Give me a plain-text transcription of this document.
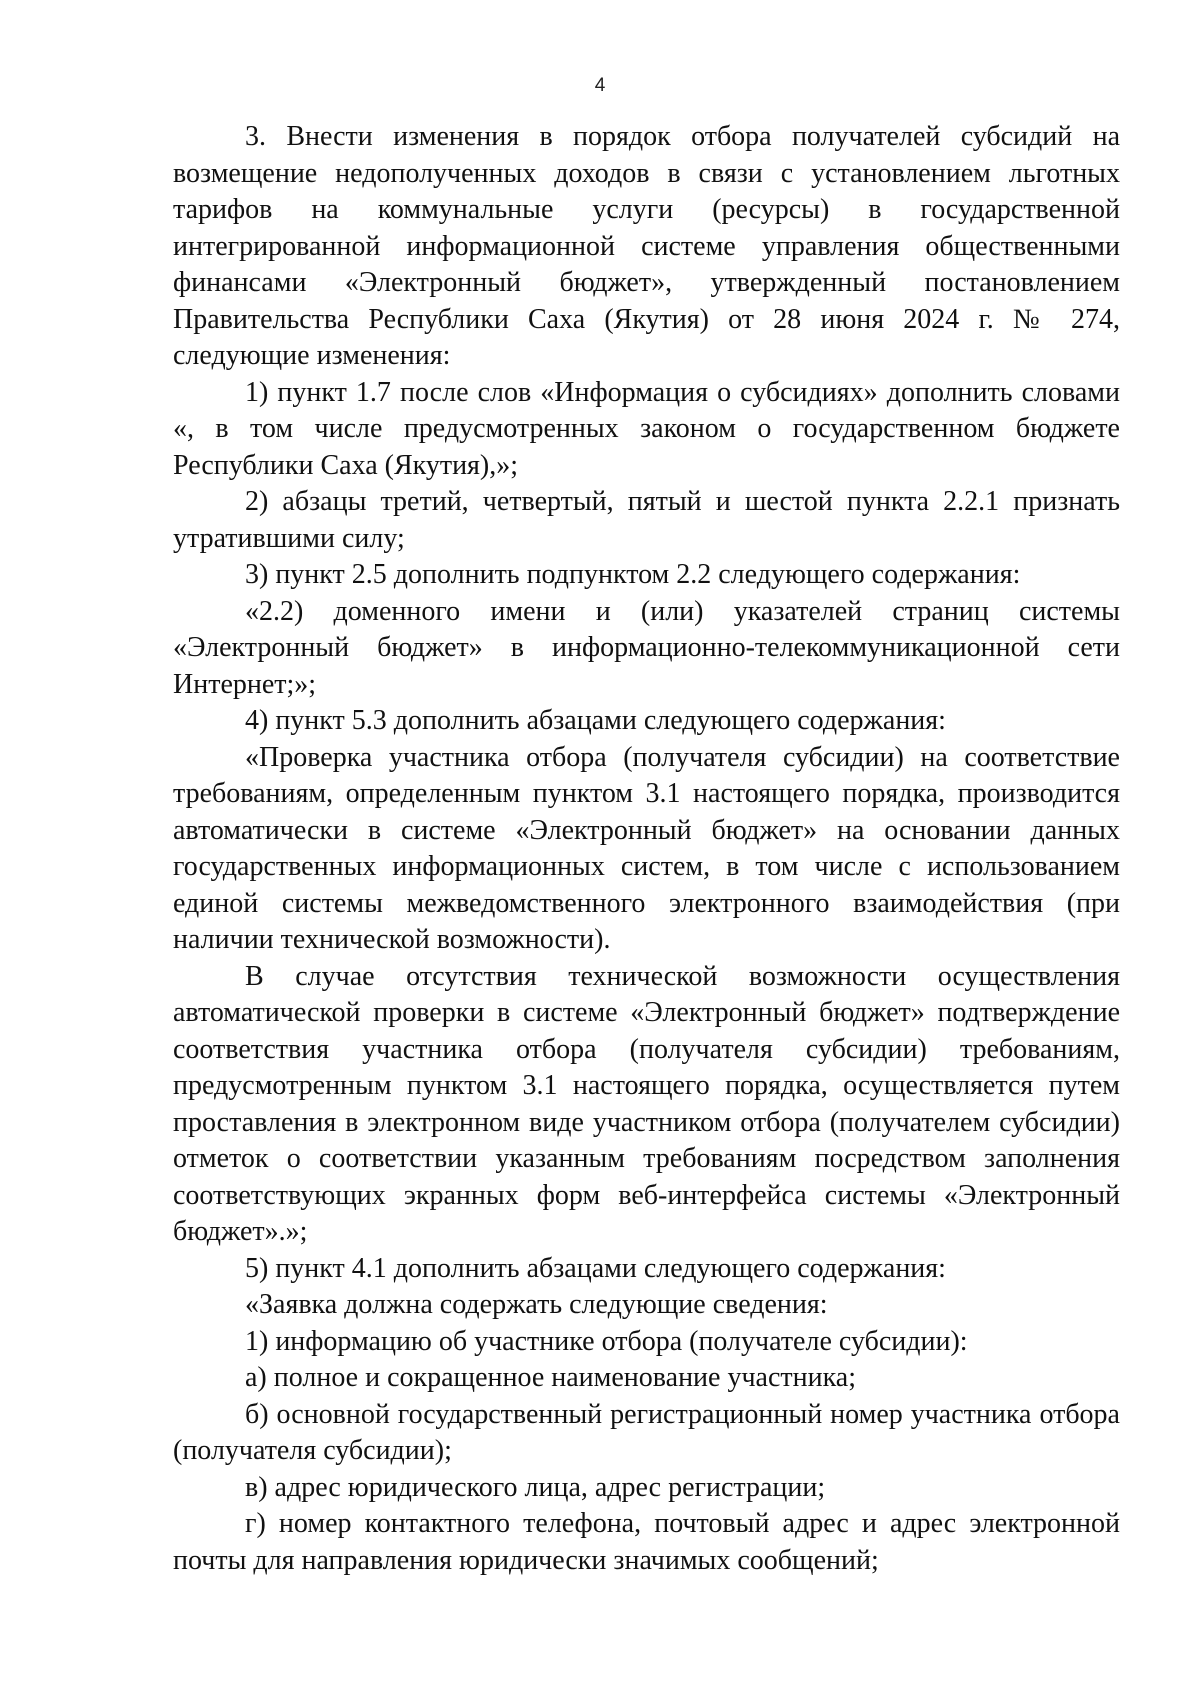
4

3. Внести изменения в порядок отбора получателей субсидий на возмещение недополученных доходов в связи с установлением льготных тарифов на коммунальные услуги (ресурсы) в государственной интегрированной информационной системе управления общественными финансами «Электронный бюджет», утвержденный постановлением Правительства Республики Саха (Якутия) от 28 июня 2024 г. № 274, следующие изменения:

1) пункт 1.7 после слов «Информация о субсидиях» дополнить словами «, в том числе предусмотренных законом о государственном бюджете Республики Саха (Якутия),»;

2) абзацы третий, четвертый, пятый и шестой пункта 2.2.1 признать утратившими силу;

3) пункт 2.5 дополнить подпунктом 2.2 следующего содержания:

«2.2) доменного имени и (или) указателей страниц системы «Электронный бюджет» в информационно-телекоммуникационной сети Интернет;»;

4) пункт 5.3 дополнить абзацами следующего содержания:

«Проверка участника отбора (получателя субсидии) на соответствие требованиям, определенным пунктом 3.1 настоящего порядка, производится автоматически в системе «Электронный бюджет» на основании данных государственных информационных систем, в том числе с использованием единой системы межведомственного электронного взаимодействия (при наличии технической возможности).

В случае отсутствия технической возможности осуществления автоматической проверки в системе «Электронный бюджет» подтверждение соответствия участника отбора (получателя субсидии) требованиям, предусмотренным пунктом 3.1 настоящего порядка, осуществляется путем проставления в электронном виде участником отбора (получателем субсидии) отметок о соответствии указанным требованиям посредством заполнения соответствующих экранных форм веб-интерфейса системы «Электронный бюджет».»;

5) пункт 4.1 дополнить абзацами следующего содержания:

«Заявка должна содержать следующие сведения:

1) информацию об участнике отбора (получателе субсидии):

а) полное и сокращенное наименование участника;

б) основной государственный регистрационный номер участника отбора (получателя субсидии);

в) адрес юридического лица, адрес регистрации;

г) номер контактного телефона, почтовый адрес и адрес электронной почты для направления юридически значимых сообщений;
